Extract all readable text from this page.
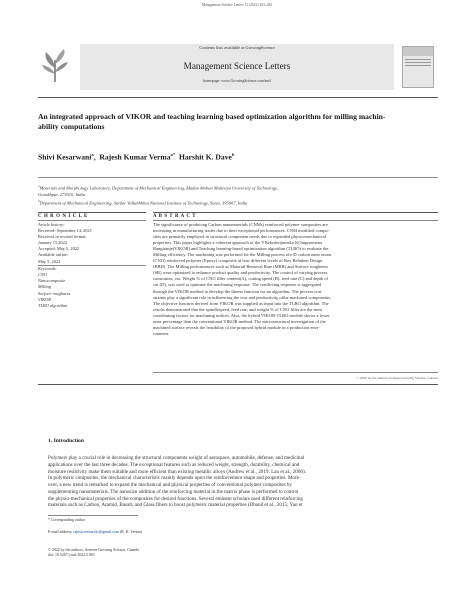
Management Science Letters 12 (2022) 263–282
Contents lists available at GrowingScience
Management Science Letters
homepage: www.GrowingScience.com/msl
An integrated approach of VIKOR and teaching learning based optimization algorithm for milling machin-
ability computations
Shivi Kesarwani$^a$, Rajesh Kumar Verma$^{a*}$ Harshit K. Dave$^b$
$^a$Materials and Morphology Laboratory, Department of Mechanical Engineering, Madan Mohan Malaviya University of Technology,
Gorakhpur, 273010, India
$^b$Department of Mechanical Engineering, Sardar Vallabhbhai National Institute of Technology, Surat, 395007, India
C H R O N I C L E	A B S T R A C T
Article history:
Received: September 14, 2021
Received in revised format:
January 15 2022
Accepted: May 5, 2022
Available online:
May 5, 2022
Keywords:
CNO
Nanocomposite
Milling
Surface roughness
VIKOR
TLBO algorithm
The significance of producing Carbon nanomaterials (CNMs) reinforced polymer composites are
increasing in manufacturing trades due to their exceptional performances. CNM modified compo-
sites are primarily employed in structural component needs due to expanded physicomechanical
properties. This paper highlights a coherent approach of the VIšekriterijumsko KOmpromisno
Rangiranje(VIKOR) and Teaching learning-based optimization algorithm (TLBO) to evaluate the
Milling efficiency. The machining was performed for the Milling process ofo-D carbon nano onion
(CNO) reinforced polymer (Epoxy) composite at four different levels of Box Behnken Design
(BBD). The Milling performances such as Material Removal Rate (MRR) and Surface roughness
(SR) were optimized to enhance product quality and productivity. The control of varying process
constraints, viz. Weight % of CNO filler content(A), cutting speed (B), feed rate (C) and depth of
cut (D), was used to optimize the machining response. The conflicting response is aggregated
through the VIKOR method to develop the fitness function for an algorithm. The process con-
straints play a significant role in influencing the cost and productivity ofthe machined components.
The objective function derived from VIKOR was supplied as input into the TLBO algorithm. The
results demonstrated that the spindlespeed, feed rate, and weight % of CNO filler are the most
contributing factors for machining indices. Also, the hybrid VIKOR-TLBO module shows a lower
error percentage than the conventional VIKOR method. The microstructural investigation of the
machined surface reveals the feasibility of the proposed hybrid module in a production envi-
ronment.
© 2022 by the authors; licensee Growing Science, Canada
1. Introduction
Polymers play a crucial role in decreasing the structural components weight of aerospace, automobile, defense, and medicinal
applications over the last three decades. The exceptional features such as reduced weight, strength, durability, chemical and
moisture resistivity make them suitable and more efficient than existing metallic alloys (Andrew et al., 2019; Lau et al., 2006).
In polymeric composites, the mechanical characteristic mainly depends upon the reinforcement shape and properties. More-
over, a new trend is remarked to expand the mechanical and physical properties of conventional polymer composites by
supplementing nanomaterials. The nanosize addition of the reinforcing material in the matrix phase is performed to control
the physio-mechanical properties of the composites for desired functions. Several eminent scholars used different reinforcing
materials such as Carbon, Aramid, Basalt, and Glass fibers to boost polymeric material properties (Dhand et al., 2015; Yao et
* Corresponding author
E-mail address: rajesh.verma.iitr@gmail.com (R. K. Verma)
© 2022 by the authors; licensee Growing Science, Canada
doi: 10.5267/j.msl.2022.5.001
